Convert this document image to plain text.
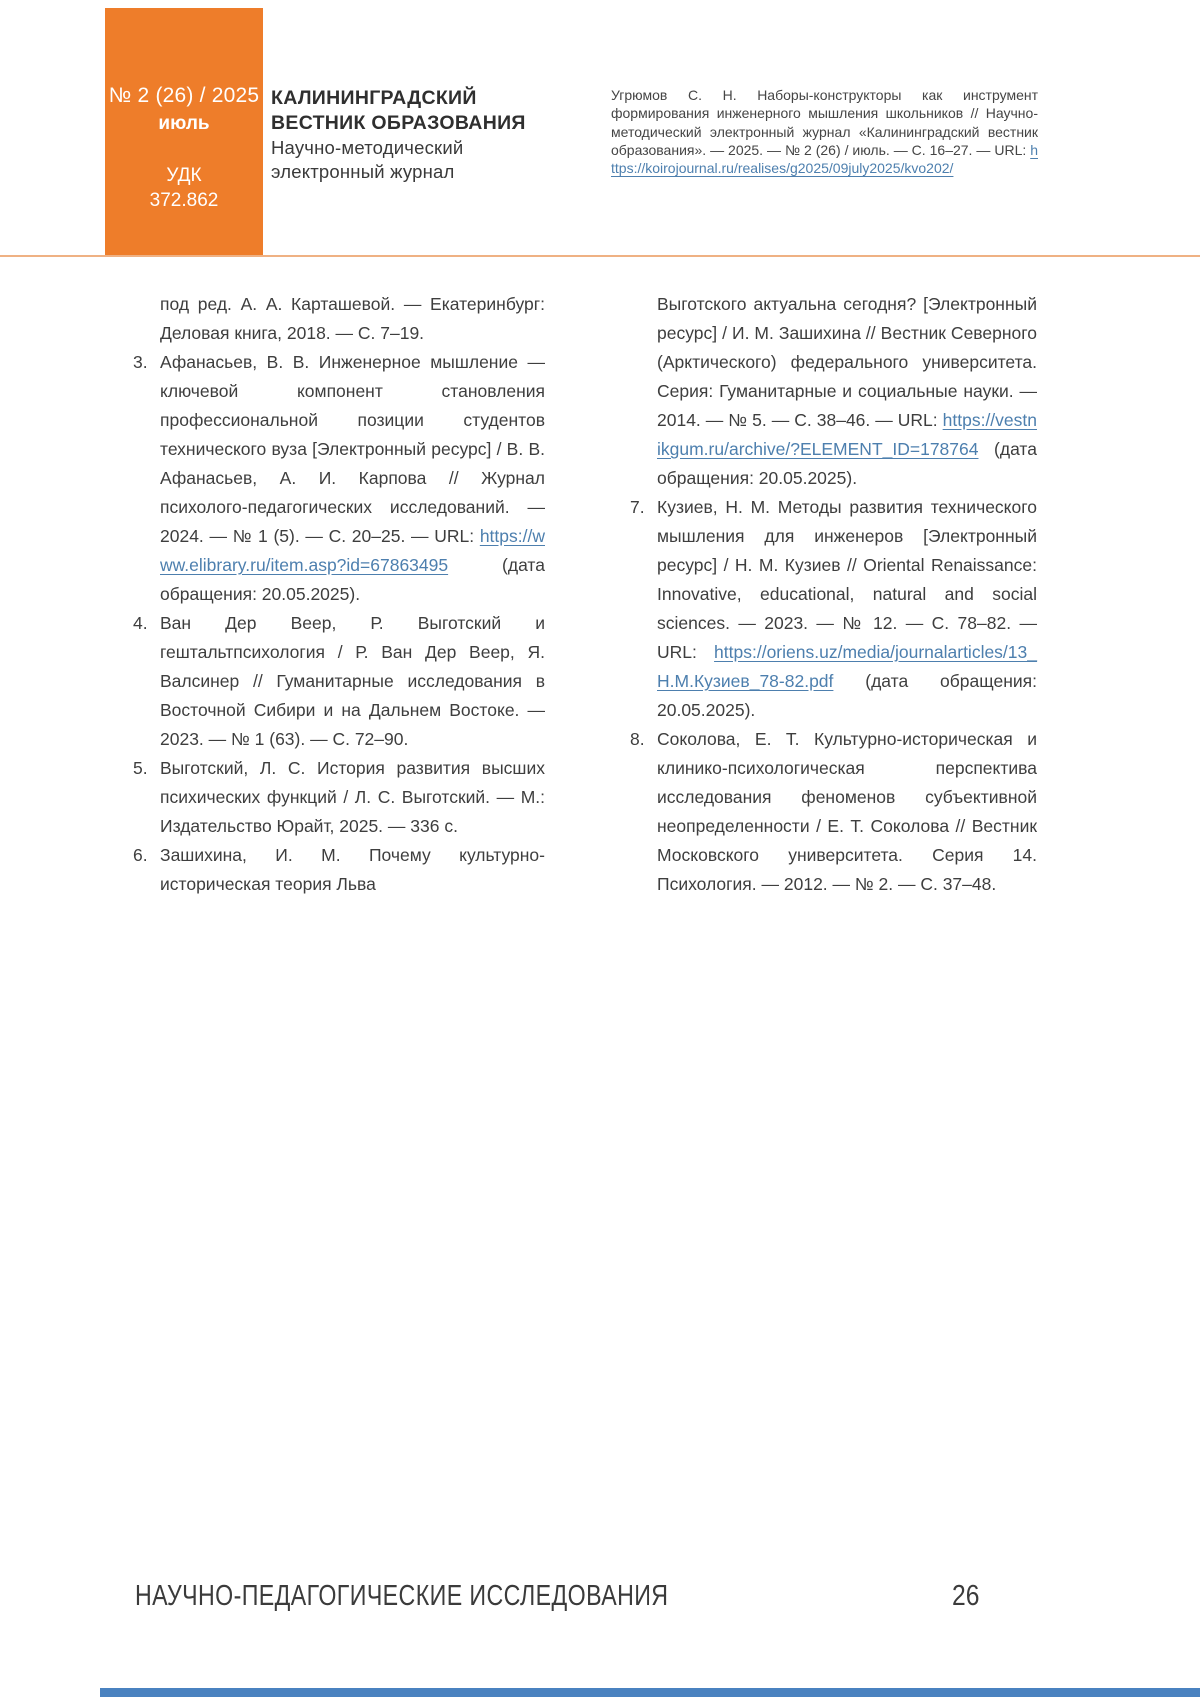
№ 2 (26) / 2025
июль
УДК
372.862
КАЛИНИНГРАДСКИЙ
ВЕСТНИК ОБРАЗОВАНИЯ
Научно-методический
электронный журнал
Угрюмов С. Н. Наборы-конструкторы как инструмент формирования инженерного мышления школьников // Научно-методический электронный журнал «Калининградский вестник образования». — 2025. — № 2 (26) / июль. — С. 16–27. — URL: https://koirojournal.ru/realises/g2025/09july2025/kvo202/
под ред. А. А. Карташевой. — Екатеринбург: Деловая книга, 2018. — С. 7–19.
3. Афанасьев, В. В. Инженерное мышление — ключевой компонент становления профессиональной позиции студентов технического вуза [Электронный ресурс] / В. В. Афанасьев, А. И. Карпова // Журнал психолого-педагогических исследований. — 2024. — № 1 (5). — С. 20–25. — URL: https://www.elibrary.ru/item.asp?id=67863495 (дата обращения: 20.05.2025).
4. Ван Дер Веер, Р. Выготский и гештальтпсихология / Р. Ван Дер Веер, Я. Валсинер // Гуманитарные исследования в Восточной Сибири и на Дальнем Востоке. — 2023. — № 1 (63). — С. 72–90.
5. Выготский, Л. С. История развития высших психических функций / Л. С. Выготский. — М.: Издательство Юрайт, 2025. — 336 с.
6. Зашихина, И. М. Почему культурно-историческая теория Льва
Выготского актуальна сегодня? [Электронный ресурс] / И. М. Зашихина // Вестник Северного (Арктического) федерального университета. Серия: Гуманитарные и социальные науки. — 2014. — № 5. — С. 38–46. — URL: https://vestnikgum.ru/archive/?ELEMENT_ID=178764 (дата обращения: 20.05.2025).
7. Кузиев, Н. М. Методы развития технического мышления для инженеров [Электронный ресурс] / Н. М. Кузиев // Oriental Renaissance: Innovative, educational, natural and social sciences. — 2023. — № 12. — С. 78–82. — URL: https://oriens.uz/media/journalarticles/13_Н.М.Кузиев_78-82.pdf (дата обращения: 20.05.2025).
8. Соколова, Е. Т. Культурно-историческая и клинико-психологическая перспектива исследования феноменов субъективной неопределенности / Е. Т. Соколова // Вестник Московского университета. Серия 14. Психология. — 2012. — № 2. — С. 37–48.
НАУЧНО-ПЕДАГОГИЧЕСКИЕ ИССЛЕДОВАНИЯ	26
